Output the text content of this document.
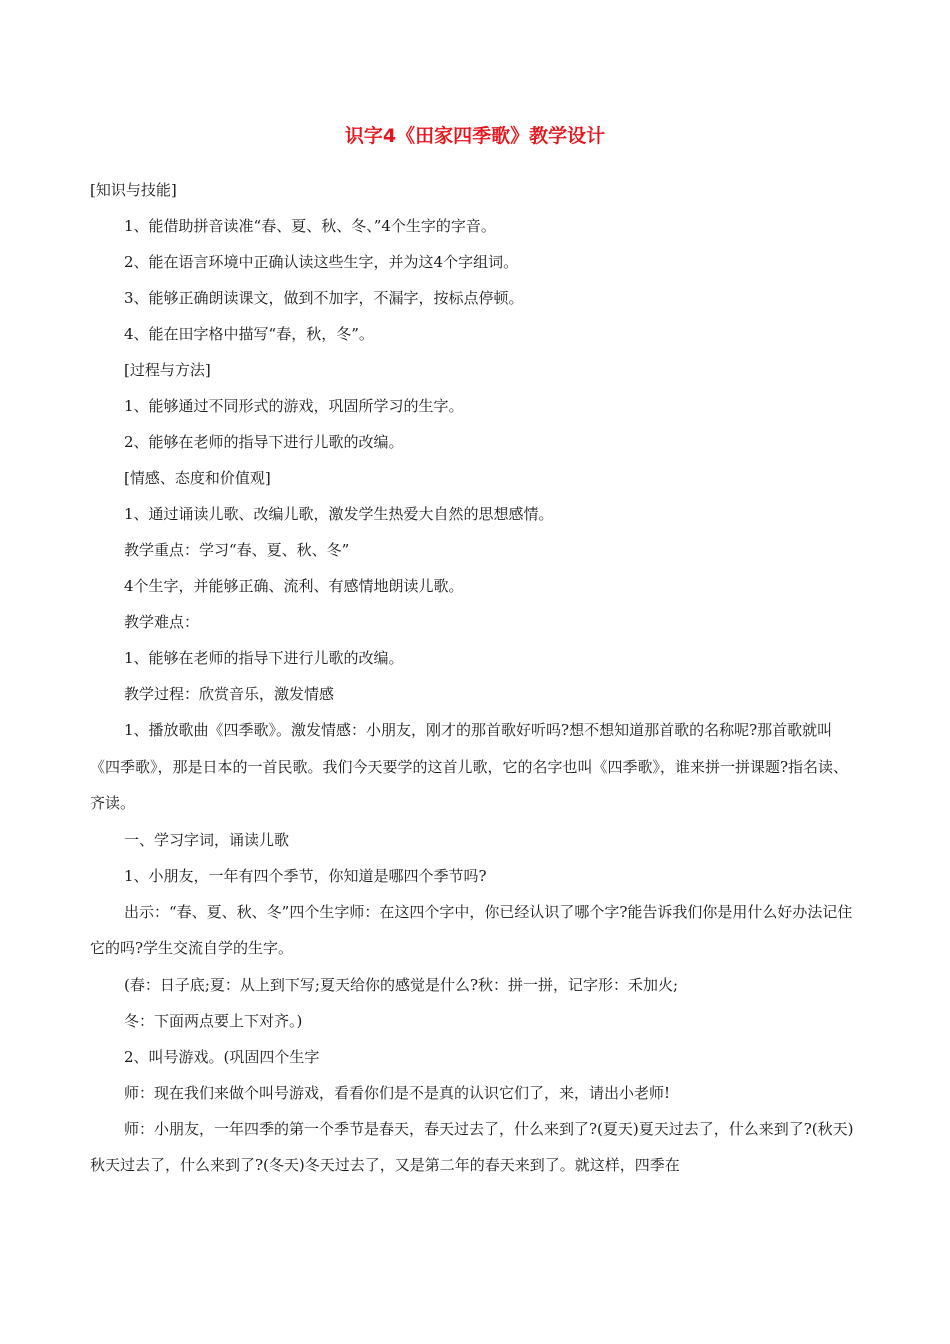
识字4《田家四季歌》教学设计

[知识与技能]

1、能借助拼音读准“春、夏、秋、冬、”4个生字的字音。

2、能在语言环境中正确认读这些生字，并为这4个字组词。

3、能够正确朗读课文，做到不加字，不漏字，按标点停顿。

4、能在田字格中描写“春，秋，冬”。

[过程与方法]

1、能够通过不同形式的游戏，巩固所学习的生字。

2、能够在老师的指导下进行儿歌的改编。

[情感、态度和价值观]

1、通过诵读儿歌、改编儿歌，激发学生热爱大自然的思想感情。

教学重点：学习“春、夏、秋、冬”

4个生字，并能够正确、流利、有感情地朗读儿歌。

教学难点：

1、能够在老师的指导下进行儿歌的改编。

教学过程：欣赏音乐，激发情感

1、播放歌曲《四季歌》。激发情感：小朋友，刚才的那首歌好听吗?想不想知道那首歌的名称呢?那首歌就叫《四季歌》，那是日本的一首民歌。我们今天要学的这首儿歌，它的名字也叫《四季歌》，谁来拼一拼课题?指名读、齐读。

一、学习字词，诵读儿歌

1、小朋友，一年有四个季节，你知道是哪四个季节吗?

出示：“春、夏、秋、冬”四个生字师：在这四个字中，你已经认识了哪个字?能告诉我们你是用什么好办法记住它的吗?学生交流自学的生字。

(春：日子底;夏：从上到下写;夏天给你的感觉是什么?秋：拼一拼，记字形：禾加火;

冬：下面两点要上下对齐。)

2、叫号游戏。(巩固四个生字

师：现在我们来做个叫号游戏，看看你们是不是真的认识它们了，来，请出小老师!

师：小朋友，一年四季的第一个季节是春天，春天过去了，什么来到了?(夏天)夏天过去了，什么来到了?(秋天)秋天过去了，什么来到了?(冬天)冬天过去了，又是第二年的春天来到了。就这样，四季在
